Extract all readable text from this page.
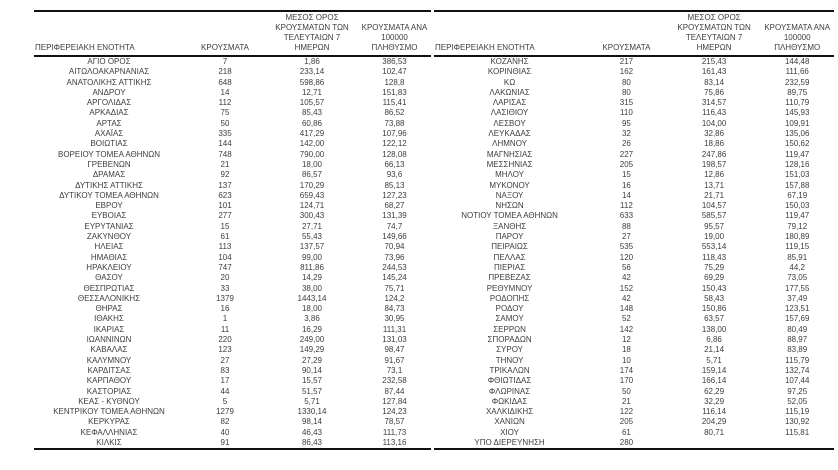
ΠΕΡΙΦΕΡΕΙΑΚΗ ΕΝΟΤΗΤΑ	ΚΡΟΥΣΜΑΤΑ	
ΜΕΣΟΣ ΟΡΟΣ
ΚΡΟΥΣΜΑΤΩΝ ΤΩΝ
ΤΕΛΕΥΤΑΙΩΝ 7 ΗΜΕΡΩΝ

ΚΡΟΥΣΜΑΤΑ ΑΝΑ 100000
ΠΛΗΘΥΣΜΟ

ΑΓΙΟ ΟΡΟΣ	7	1,86	386,53
ΑΙΤΩΛΟΑΚΑΡΝΑΝΙΑΣ	218	233,14	102,47
ΑΝΑΤΟΛΙΚΗΣ ΑΤΤΙΚΗΣ	648	598,86	128,8
ΑΝΔΡΟΥ	14	12,71	151,83
ΑΡΓΟΛΙΔΑΣ	112	105,57	115,41
ΑΡΚΑΔΙΑΣ	75	85,43	86,52
ΑΡΤΑΣ	50	60,86	73,88
ΑΧΑΪΑΣ	335	417,29	107,96
ΒΟΙΩΤΙΑΣ	144	142,00	122,12
ΒΟΡΕΙΟΥ ΤΟΜΕΑ ΑΘΗΝΩΝ	748	790,00	128,08
ΓΡΕΒΕΝΩΝ	21	18,00	66,13
ΔΡΑΜΑΣ	92	86,57	93,6
ΔΥΤΙΚΗΣ ΑΤΤΙΚΗΣ	137	170,29	85,13
ΔΥΤΙΚΟΥ ΤΟΜΕΑ ΑΘΗΝΩΝ	623	659,43	127,23
ΕΒΡΟΥ	101	124,71	68,27
ΕΥΒΟΙΑΣ	277	300,43	131,39
ΕΥΡΥΤΑΝΙΑΣ	15	27,71	74,7
ΖΑΚΥΝΘΟΥ	61	55,43	149,66
ΗΛΕΙΑΣ	113	137,57	70,94
ΗΜΑΘΙΑΣ	104	99,00	73,96
ΗΡΑΚΛΕΙΟΥ	747	811,86	244,53
ΘΑΣΟΥ	20	14,29	145,24
ΘΕΣΠΡΩΤΙΑΣ	33	38,00	75,71
ΘΕΣΣΑΛΟΝΙΚΗΣ	1379	1443,14	124,2
ΘΗΡΑΣ	16	18,00	84,73
ΙΘΑΚΗΣ	1	3,86	30,95
ΙΚΑΡΙΑΣ	11	16,29	111,31
ΙΩΑΝΝΙΝΩΝ	220	249,00	131,03
ΚΑΒΑΛΑΣ	123	149,29	98,47
ΚΑΛΥΜΝΟΥ	27	27,29	91,67
ΚΑΡΔΙΤΣΑΣ	83	90,14	73,1
ΚΑΡΠΑΘΟΥ	17	15,57	232,58
ΚΑΣΤΟΡΙΑΣ	44	51,57	87,44
ΚΕΑΣ - ΚΥΘΝΟΥ	5	5,71	127,84
ΚΕΝΤΡΙΚΟΥ ΤΟΜΕΑ ΑΘΗΝΩΝ	1279	1330,14	124,23
ΚΕΡΚΥΡΑΣ	82	98,14	78,57
ΚΕΦΑΛΛΗΝΙΑΣ	40	46,43	111,73
ΚΙΛΚΙΣ	91	86,43	113,16
ΠΕΡΙΦΕΡΕΙΑΚΗ ΕΝΟΤΗΤΑ	ΚΡΟΥΣΜΑΤΑ	
ΜΕΣΟΣ ΟΡΟΣ
ΚΡΟΥΣΜΑΤΩΝ ΤΩΝ
ΤΕΛΕΥΤΑΙΩΝ 7 ΗΜΕΡΩΝ

ΚΡΟΥΣΜΑΤΑ ΑΝΑ 100000
ΠΛΗΘΥΣΜΟ

ΚΟΖΑΝΗΣ	217	215,43	144,48
ΚΟΡΙΝΘΙΑΣ	162	161,43	111,66
ΚΩ	80	83,14	232,59
ΛΑΚΩΝΙΑΣ	80	75,86	89,75
ΛΑΡΙΣΑΣ	315	314,57	110,79
ΛΑΣΙΘΙΟΥ	110	116,43	145,93
ΛΕΣΒΟΥ	95	104,00	109,91
ΛΕΥΚΑΔΑΣ	32	32,86	135,06
ΛΗΜΝΟΥ	26	18,86	150,62
ΜΑΓΝΗΣΙΑΣ	227	247,86	119,47
ΜΕΣΣΗΝΙΑΣ	205	198,57	128,16
ΜΗΛΟΥ	15	12,86	151,03
ΜΥΚΟΝΟΥ	16	13,71	157,88
ΝΑΞΟΥ	14	21,71	67,19
ΝΗΣΩΝ	112	104,57	150,03
ΝΟΤΙΟΥ ΤΟΜΕΑ ΑΘΗΝΩΝ	633	585,57	119,47
ΞΑΝΘΗΣ	88	95,57	79,12
ΠΑΡΟΥ	27	19,00	180,89
ΠΕΙΡΑΙΩΣ	535	553,14	119,15
ΠΕΛΛΑΣ	120	118,43	85,91
ΠΙΕΡΙΑΣ	56	75,29	44,2
ΠΡΕΒΕΖΑΣ	42	69,29	73,05
ΡΕΘΥΜΝΟΥ	152	150,43	177,55
ΡΟΔΟΠΗΣ	42	58,43	37,49
ΡΟΔΟΥ	148	150,86	123,51
ΣΑΜΟΥ	52	63,57	157,69
ΣΕΡΡΩΝ	142	138,00	80,49
ΣΠΟΡΑΔΩΝ	12	6,86	88,97
ΣΥΡΟΥ	18	21,14	83,89
ΤΗΝΟΥ	10	5,71	115,79
ΤΡΙΚΑΛΩΝ	174	159,14	132,74
ΦΘΙΩΤΙΔΑΣ	170	166,14	107,44
ΦΛΩΡΙΝΑΣ	50	62,29	97,25
ΦΩΚΙΔΑΣ	21	32,29	52,05
ΧΑΛΚΙΔΙΚΗΣ	122	116,14	115,19
ΧΑΝΙΩΝ	205	204,29	130,92
ΧΙΟΥ	61	80,71	115,81
ΥΠΟ ΔΙΕΡΕΥΝΗΣΗ	280		
